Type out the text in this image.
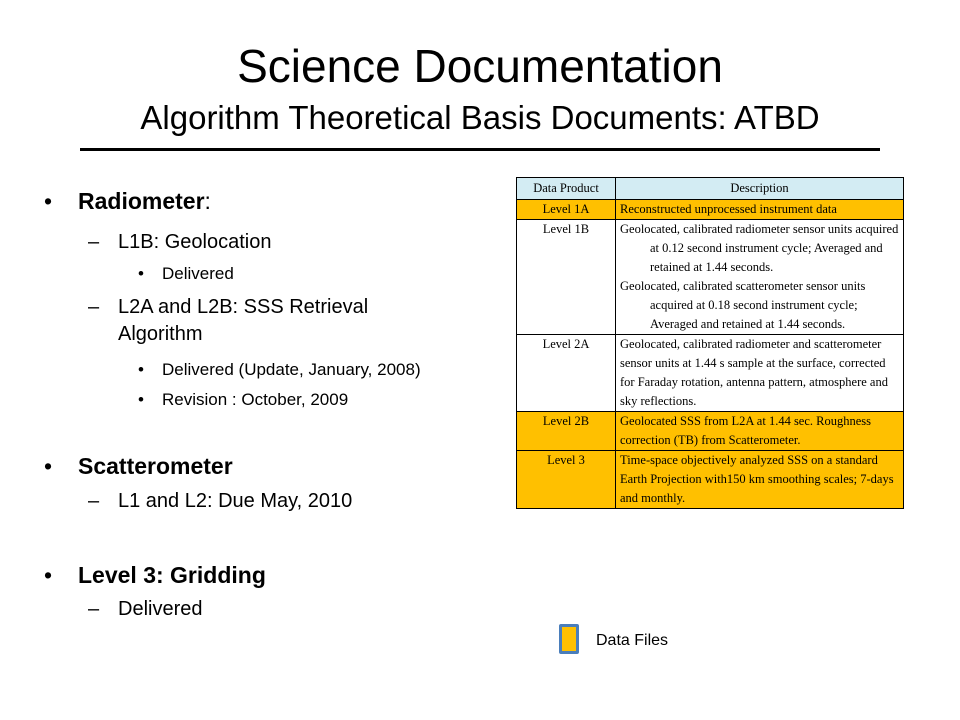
Science Documentation
Algorithm Theoretical Basis Documents: ATBD
• Radiometer:
– L1B: Geolocation
• Delivered
– L2A and L2B: SSS Retrieval
Algorithm
• Delivered (Update, January, 2008)
• Revision : October, 2009
• Scatterometer
– L1 and L2: Due May, 2010
• Level 3: Gridding
– Delivered
Data Product	Description
Level 1A	Reconstructed unprocessed instrument data

Level 1B	Geolocated, calibrated radiometer sensor units acquired at 0.12 second instrument cycle; Averaged and retained at 1.44 seconds.
Geolocated, calibrated scatterometer sensor units acquired at 0.18 second instrument cycle; Averaged and retained at 1.44 seconds.

Level 2A	Geolocated, calibrated radiometer and scatterometer sensor units at 1.44 s sample at the surface, corrected for Faraday rotation, antenna pattern, atmosphere and sky reflections.

Level 2B	Geolocated SSS from L2A at 1.44 sec. Roughness correction (TB) from Scatterometer.

Level 3	Time-space objectively analyzed SSS on a standard Earth Projection with150 km smoothing scales; 7-days and monthly.
Data Files
